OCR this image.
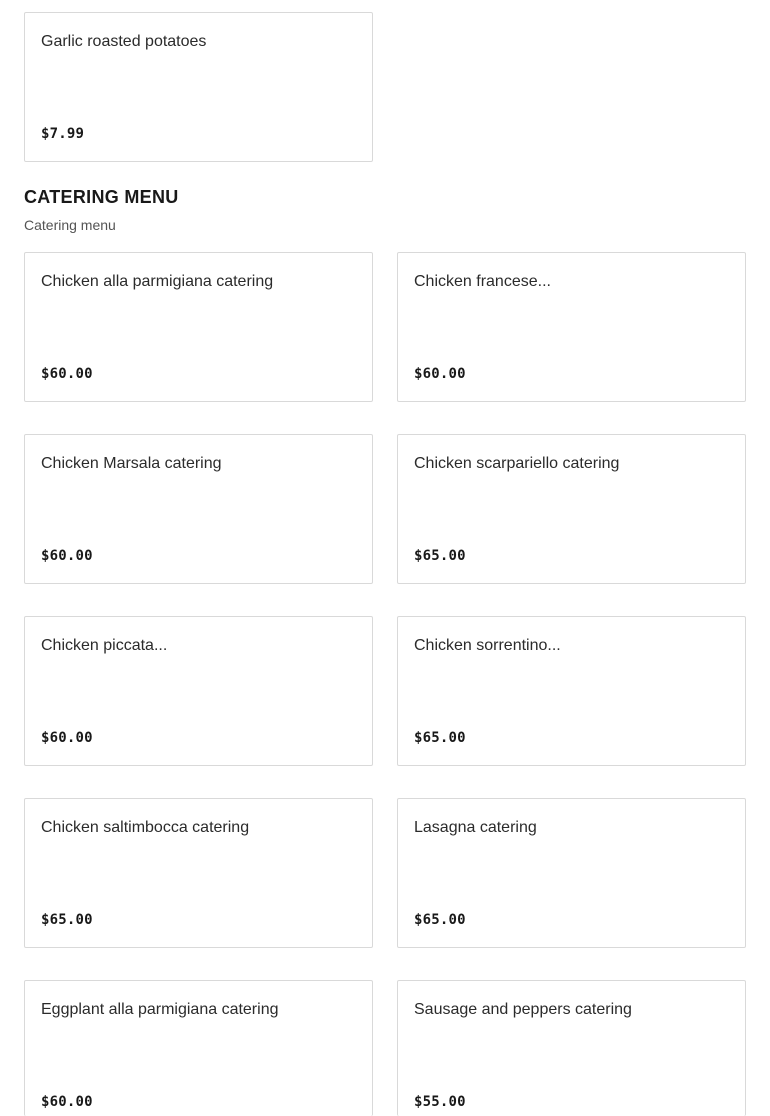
Garlic roasted potatoes
$7.99
CATERING MENU

Catering menu

Chicken alla parmigiana catering
$60.00
Chicken francese...
$60.00
Chicken Marsala catering
$60.00
Chicken scarpariello catering
$65.00
Chicken piccata...
$60.00
Chicken sorrentino...
$65.00
Chicken saltimbocca catering
$65.00
Lasagna catering
$65.00
Eggplant alla parmigiana catering
$60.00
Sausage and peppers catering
$55.00
